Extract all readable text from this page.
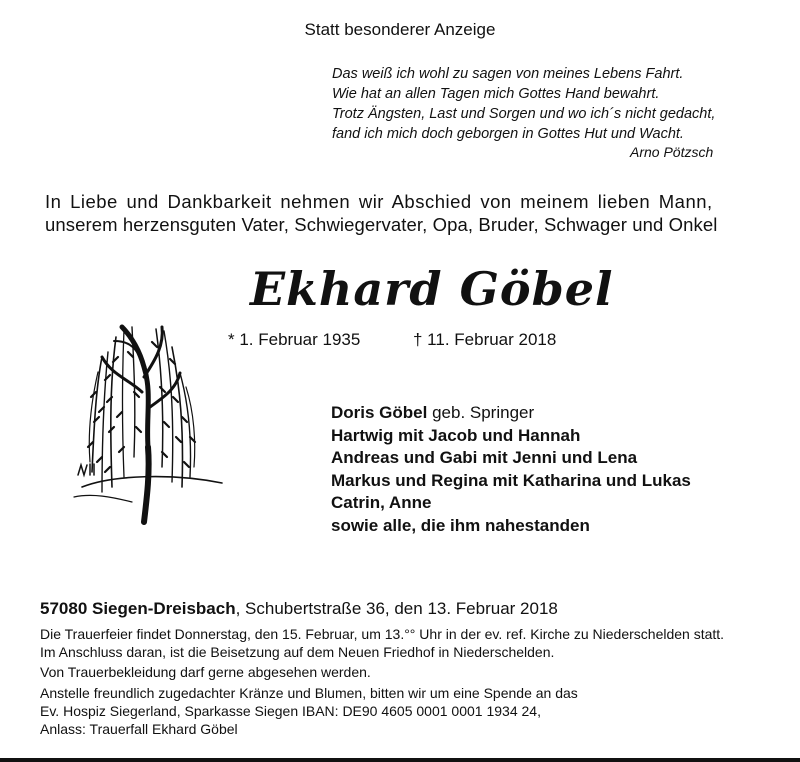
Statt besonderer Anzeige
Das weiß ich wohl zu sagen von meines Lebens Fahrt.
Wie hat an allen Tagen mich Gottes Hand bewahrt.
Trotz Ängsten, Last und Sorgen und wo ich´s nicht gedacht,
fand ich mich doch geborgen in Gottes Hut und Wacht.
Arno Pötzsch
In Liebe und Dankbarkeit nehmen wir Abschied von meinem lieben Mann,
unserem herzensguten Vater, Schwiegervater, Opa, Bruder, Schwager und Onkel
Ekhard Göbel
* 1. Februar 1935	† 11. Februar 2018
Doris Göbel geb. Springer
Hartwig mit Jacob und Hannah
Andreas und Gabi mit Jenni und Lena
Markus und Regina mit Katharina und Lukas
Catrin, Anne
sowie alle, die ihm nahestanden
57080 Siegen-Dreisbach, Schubertstraße 36, den 13. Februar 2018
Die Trauerfeier findet Donnerstag, den 15. Februar, um 13.°° Uhr in der ev. ref. Kirche zu Niederschelden statt.
Im Anschluss daran, ist die Beisetzung auf dem Neuen Friedhof in Niederschelden.
Von Trauerbekleidung darf gerne abgesehen werden.
Anstelle freundlich zugedachter Kränze und Blumen, bitten wir um eine Spende an das
Ev. Hospiz Siegerland, Sparkasse Siegen IBAN: DE90 4605 0001 0001 1934 24,
Anlass: Trauerfall Ekhard Göbel
